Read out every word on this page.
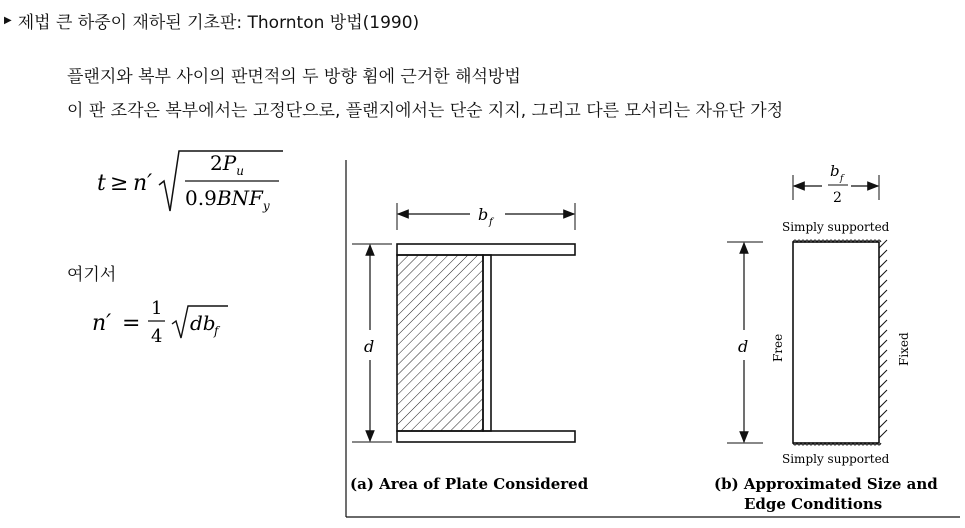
▶ 제법 큰 하중이 재하된 기초판: Thornton 방법(1990)
플랜지와 복부 사이의 판면적의 두 방향 휨에 근거한 해석방법
이 판 조각은 복부에서는 고정단으로, 플랜지에서는 단순 지지, 그리고 다른 모서리는 자유단 가정
t ≥ n′
$2P_u$
$0.9BNF_y$
여기서
n′ =
1
4
db
f
b f
d
(a) Area of Plate Considered
b f
2
Simply supported
Simply supported
Free	Fixed
d
(b) Approximated Size and
Edge Conditions
